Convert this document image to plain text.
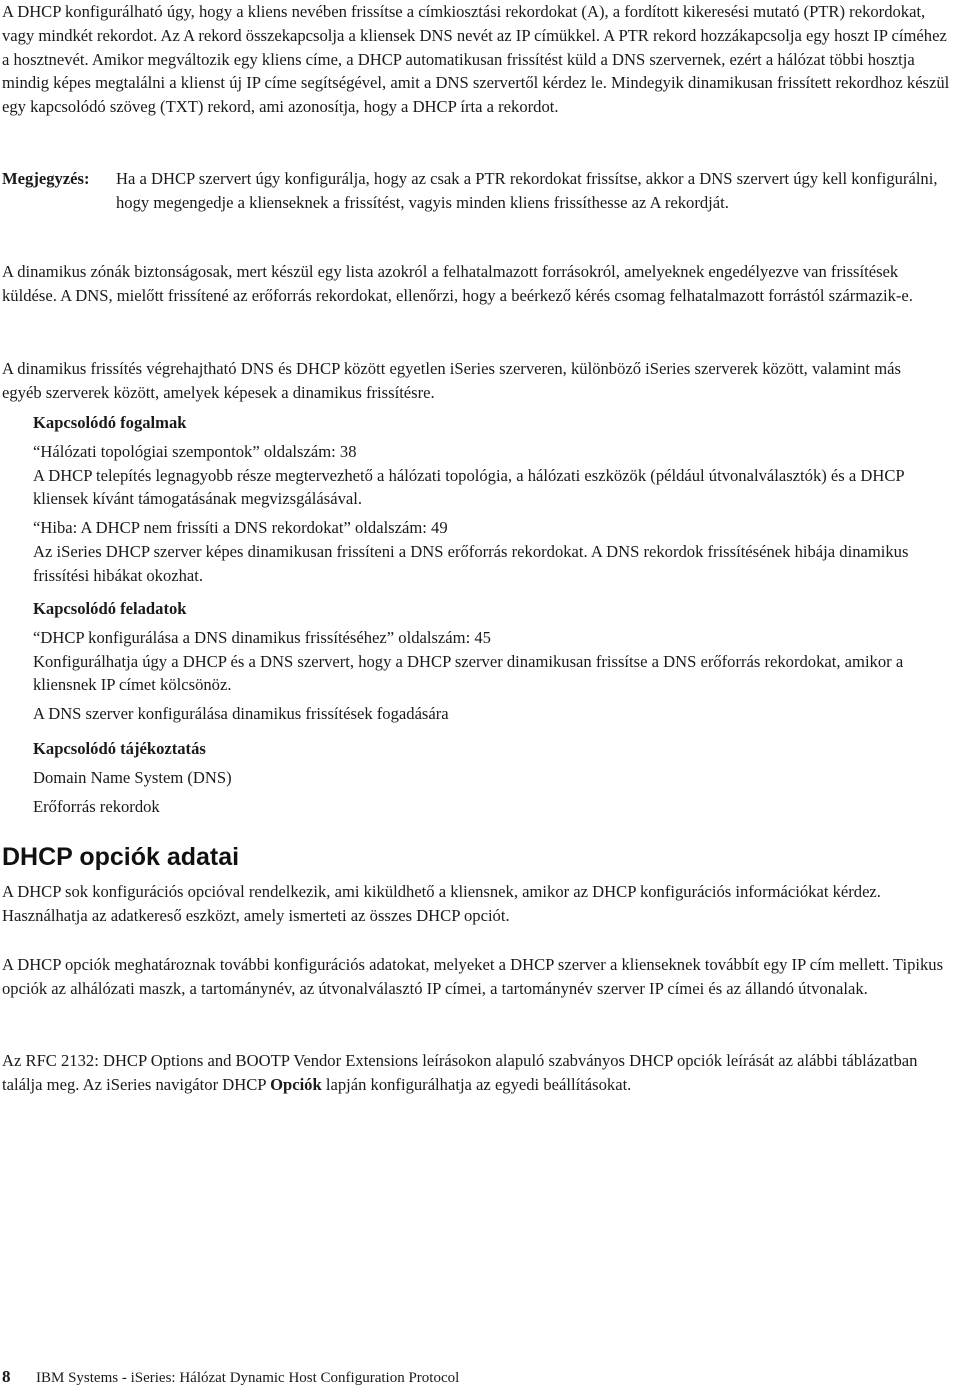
A DHCP konfigurálható úgy, hogy a kliens nevében frissítse a címkiosztási rekordokat (A), a fordított kikeresési mutató (PTR) rekordokat, vagy mindkét rekordot. Az A rekord összekapcsolja a kliensek DNS nevét az IP címükkel. A PTR rekord hozzákapcsolja egy hoszt IP címéhez a hosztnevét. Amikor megváltozik egy kliens címe, a DHCP automatikusan frissítést küld a DNS szervernek, ezért a hálózat többi hosztja mindig képes megtalálni a klienst új IP címe segítségével, amit a DNS szervertől kérdez le. Mindegyik dinamikusan frissített rekordhoz készül egy kapcsolódó szöveg (TXT) rekord, ami azonosítja, hogy a DHCP írta a rekordot.

Megjegyzés: Ha a DHCP szervert úgy konfigurálja, hogy az csak a PTR rekordokat frissítse, akkor a DNS szervert úgy kell konfigurálni, hogy megengedje a klienseknek a frissítést, vagyis minden kliens frissíthesse az A rekordját.

A dinamikus zónák biztonságosak, mert készül egy lista azokról a felhatalmazott forrásokról, amelyeknek engedélyezve van frissítések küldése. A DNS, mielőtt frissítené az erőforrás rekordokat, ellenőrzi, hogy a beérkező kérés csomag felhatalmazott forrástól származik-e.

A dinamikus frissítés végrehajtható DNS és DHCP között egyetlen iSeries szerveren, különböző iSeries szerverek között, valamint más egyéb szerverek között, amelyek képesek a dinamikus frissítésre.

Kapcsolódó fogalmak

“Hálózati topológiai szempontok” oldalszám: 38

A DHCP telepítés legnagyobb része megtervezhető a hálózati topológia, a hálózati eszközök (például útvonalválasztók) és a DHCP kliensek kívánt támogatásának megvizsgálásával.

“Hiba: A DHCP nem frissíti a DNS rekordokat” oldalszám: 49

Az iSeries DHCP szerver képes dinamikusan frissíteni a DNS erőforrás rekordokat. A DNS rekordok frissítésének hibája dinamikus frissítési hibákat okozhat.

Kapcsolódó feladatok

“DHCP konfigurálása a DNS dinamikus frissítéséhez” oldalszám: 45

Konfigurálhatja úgy a DHCP és a DNS szervert, hogy a DHCP szerver dinamikusan frissítse a DNS erőforrás rekordokat, amikor a kliensnek IP címet kölcsönöz.

A DNS szerver konfigurálása dinamikus frissítések fogadására

Kapcsolódó tájékoztatás

Domain Name System (DNS)

Erőforrás rekordok

DHCP opciók adatai

A DHCP sok konfigurációs opcióval rendelkezik, ami kiküldhető a kliensnek, amikor az DHCP konfigurációs információkat kérdez. Használhatja az adatkereső eszközt, amely ismerteti az összes DHCP opciót.

A DHCP opciók meghatároznak további konfigurációs adatokat, melyeket a DHCP szerver a klienseknek továbbít egy IP cím mellett. Tipikus opciók az alhálózati maszk, a tartománynév, az útvonalválasztó IP címei, a tartománynév szerver IP címei és az állandó útvonalak.

Az RFC 2132: DHCP Options and BOOTP Vendor Extensions leírásokon alapuló szabványos DHCP opciók leírását az alábbi táblázatban találja meg. Az iSeries navigátor DHCP Opciók lapján konfigurálhatja az egyedi beállításokat.

8 IBM Systems - iSeries: Hálózat Dynamic Host Configuration Protocol
